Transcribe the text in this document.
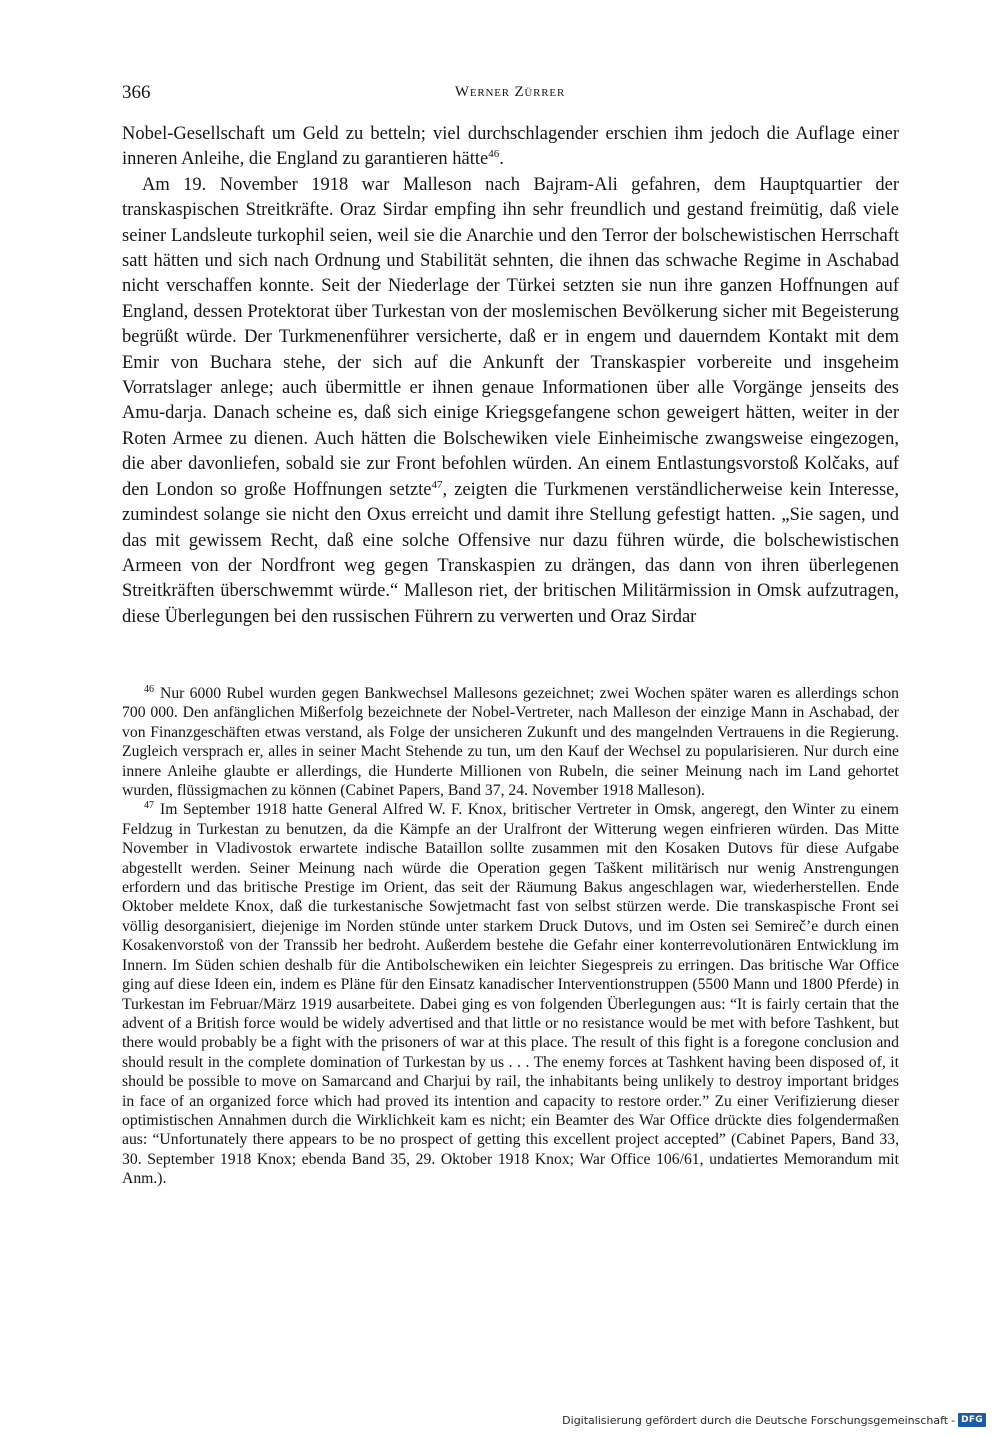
366	Werner Zürrer

Nobel-Gesellschaft um Geld zu betteln; viel durchschlagender erschien ihm jedoch die Auflage einer inneren Anleihe, die England zu garantieren hätte$^{46}$.

Am 19. November 1918 war Malleson nach Bajram-Ali gefahren, dem Hauptquartier der transkaspischen Streitkräfte. Oraz Sirdar empfing ihn sehr freundlich und gestand freimütig, daß viele seiner Landsleute turkophil seien, weil sie die Anarchie und den Terror der bolschewistischen Herrschaft satt hätten und sich nach Ordnung und Stabilität sehnten, die ihnen das schwache Regime in Aschabad nicht verschaffen konnte. Seit der Niederlage der Türkei setzten sie nun ihre ganzen Hoffnungen auf England, dessen Protektorat über Turkestan von der moslemischen Bevölkerung sicher mit Begeisterung begrüßt würde. Der Turkmenenführer versicherte, daß er in engem und dauerndem Kontakt mit dem Emir von Buchara stehe, der sich auf die Ankunft der Transkaspier vorbereite und insgeheim Vorratslager anlege; auch übermittle er ihnen genaue Informationen über alle Vorgänge jenseits des Amu-darja. Danach scheine es, daß sich einige Kriegsgefangene schon geweigert hätten, weiter in der Roten Armee zu dienen. Auch hätten die Bolschewiken viele Einheimische zwangsweise eingezogen, die aber davonliefen, sobald sie zur Front befohlen würden. An einem Entlastungsvorstoß Kolčaks, auf den London so große Hoffnungen setzte$^{47}$, zeigten die Turkmenen verständlicherweise kein Interesse, zumindest solange sie nicht den Oxus erreicht und damit ihre Stellung gefestigt hatten. „Sie sagen, und das mit gewissem Recht, daß eine solche Offensive nur dazu führen würde, die bolschewistischen Armeen von der Nordfront weg gegen Transkaspien zu drängen, das dann von ihren überlegenen Streitkräften überschwemmt würde.“ Malleson riet, der britischen Militärmission in Omsk aufzutragen, diese Überlegungen bei den russischen Führern zu verwerten und Oraz Sirdar

$^{46}$ Nur 6000 Rubel wurden gegen Bankwechsel Mallesons gezeichnet; zwei Wochen später waren es allerdings schon 700 000. Den anfänglichen Mißerfolg bezeichnete der Nobel-Vertreter, nach Malleson der einzige Mann in Aschabad, der von Finanzgeschäften etwas verstand, als Folge der unsicheren Zukunft und des mangelnden Vertrauens in die Regierung. Zugleich versprach er, alles in seiner Macht Stehende zu tun, um den Kauf der Wechsel zu popularisieren. Nur durch eine innere Anleihe glaubte er allerdings, die Hunderte Millionen von Rubeln, die seiner Meinung nach im Land gehortet wurden, flüssigmachen zu können (Cabinet Papers, Band 37, 24. November 1918 Malleson).

$^{47}$ Im September 1918 hatte General Alfred W. F. Knox, britischer Vertreter in Omsk, angeregt, den Winter zu einem Feldzug in Turkestan zu benutzen, da die Kämpfe an der Uralfront der Witterung wegen einfrieren würden. Das Mitte November in Vladivostok erwartete indische Bataillon sollte zusammen mit den Kosaken Dutovs für diese Aufgabe abgestellt werden. Seiner Meinung nach würde die Operation gegen Taškent militärisch nur wenig Anstrengungen erfordern und das britische Prestige im Orient, das seit der Räumung Bakus angeschlagen war, wiederherstellen. Ende Oktober meldete Knox, daß die turkestanische Sowjetmacht fast von selbst stürzen werde. Die transkaspische Front sei völlig desorganisiert, diejenige im Norden stünde unter starkem Druck Dutovs, und im Osten sei Semireč’e durch einen Kosakenvorstoß von der Transsib her bedroht. Außerdem bestehe die Gefahr einer konterrevolutionären Entwicklung im Innern. Im Süden schien deshalb für die Antibolschewiken ein leichter Siegespreis zu erringen. Das britische War Office ging auf diese Ideen ein, indem es Pläne für den Einsatz kanadischer Interventionstruppen (5500 Mann und 1800 Pferde) in Turkestan im Februar/März 1919 ausarbeitete. Dabei ging es von folgenden Überlegungen aus: “It is fairly certain that the advent of a British force would be widely advertised and that little or no resistance would be met with before Tashkent, but there would probably be a fight with the prisoners of war at this place. The result of this fight is a foregone conclusion and should result in the complete domination of Turkestan by us . . . The enemy forces at Tashkent having been disposed of, it should be possible to move on Samarcand and Charjui by rail, the inhabitants being unlikely to destroy important bridges in face of an organized force which had proved its intention and capacity to restore order.” Zu einer Verifizierung dieser optimistischen Annahmen durch die Wirklichkeit kam es nicht; ein Beamter des War Office drückte dies folgendermaßen aus: “Unfortunately there appears to be no prospect of getting this excellent project accepted” (Cabinet Papers, Band 33, 30. September 1918 Knox; ebenda Band 35, 29. Oktober 1918 Knox; War Office 106/61, undatiertes Memorandum mit Anm.).

Digitalisierung gefördert durch die Deutsche Forschungsgemeinschaft - DFG
